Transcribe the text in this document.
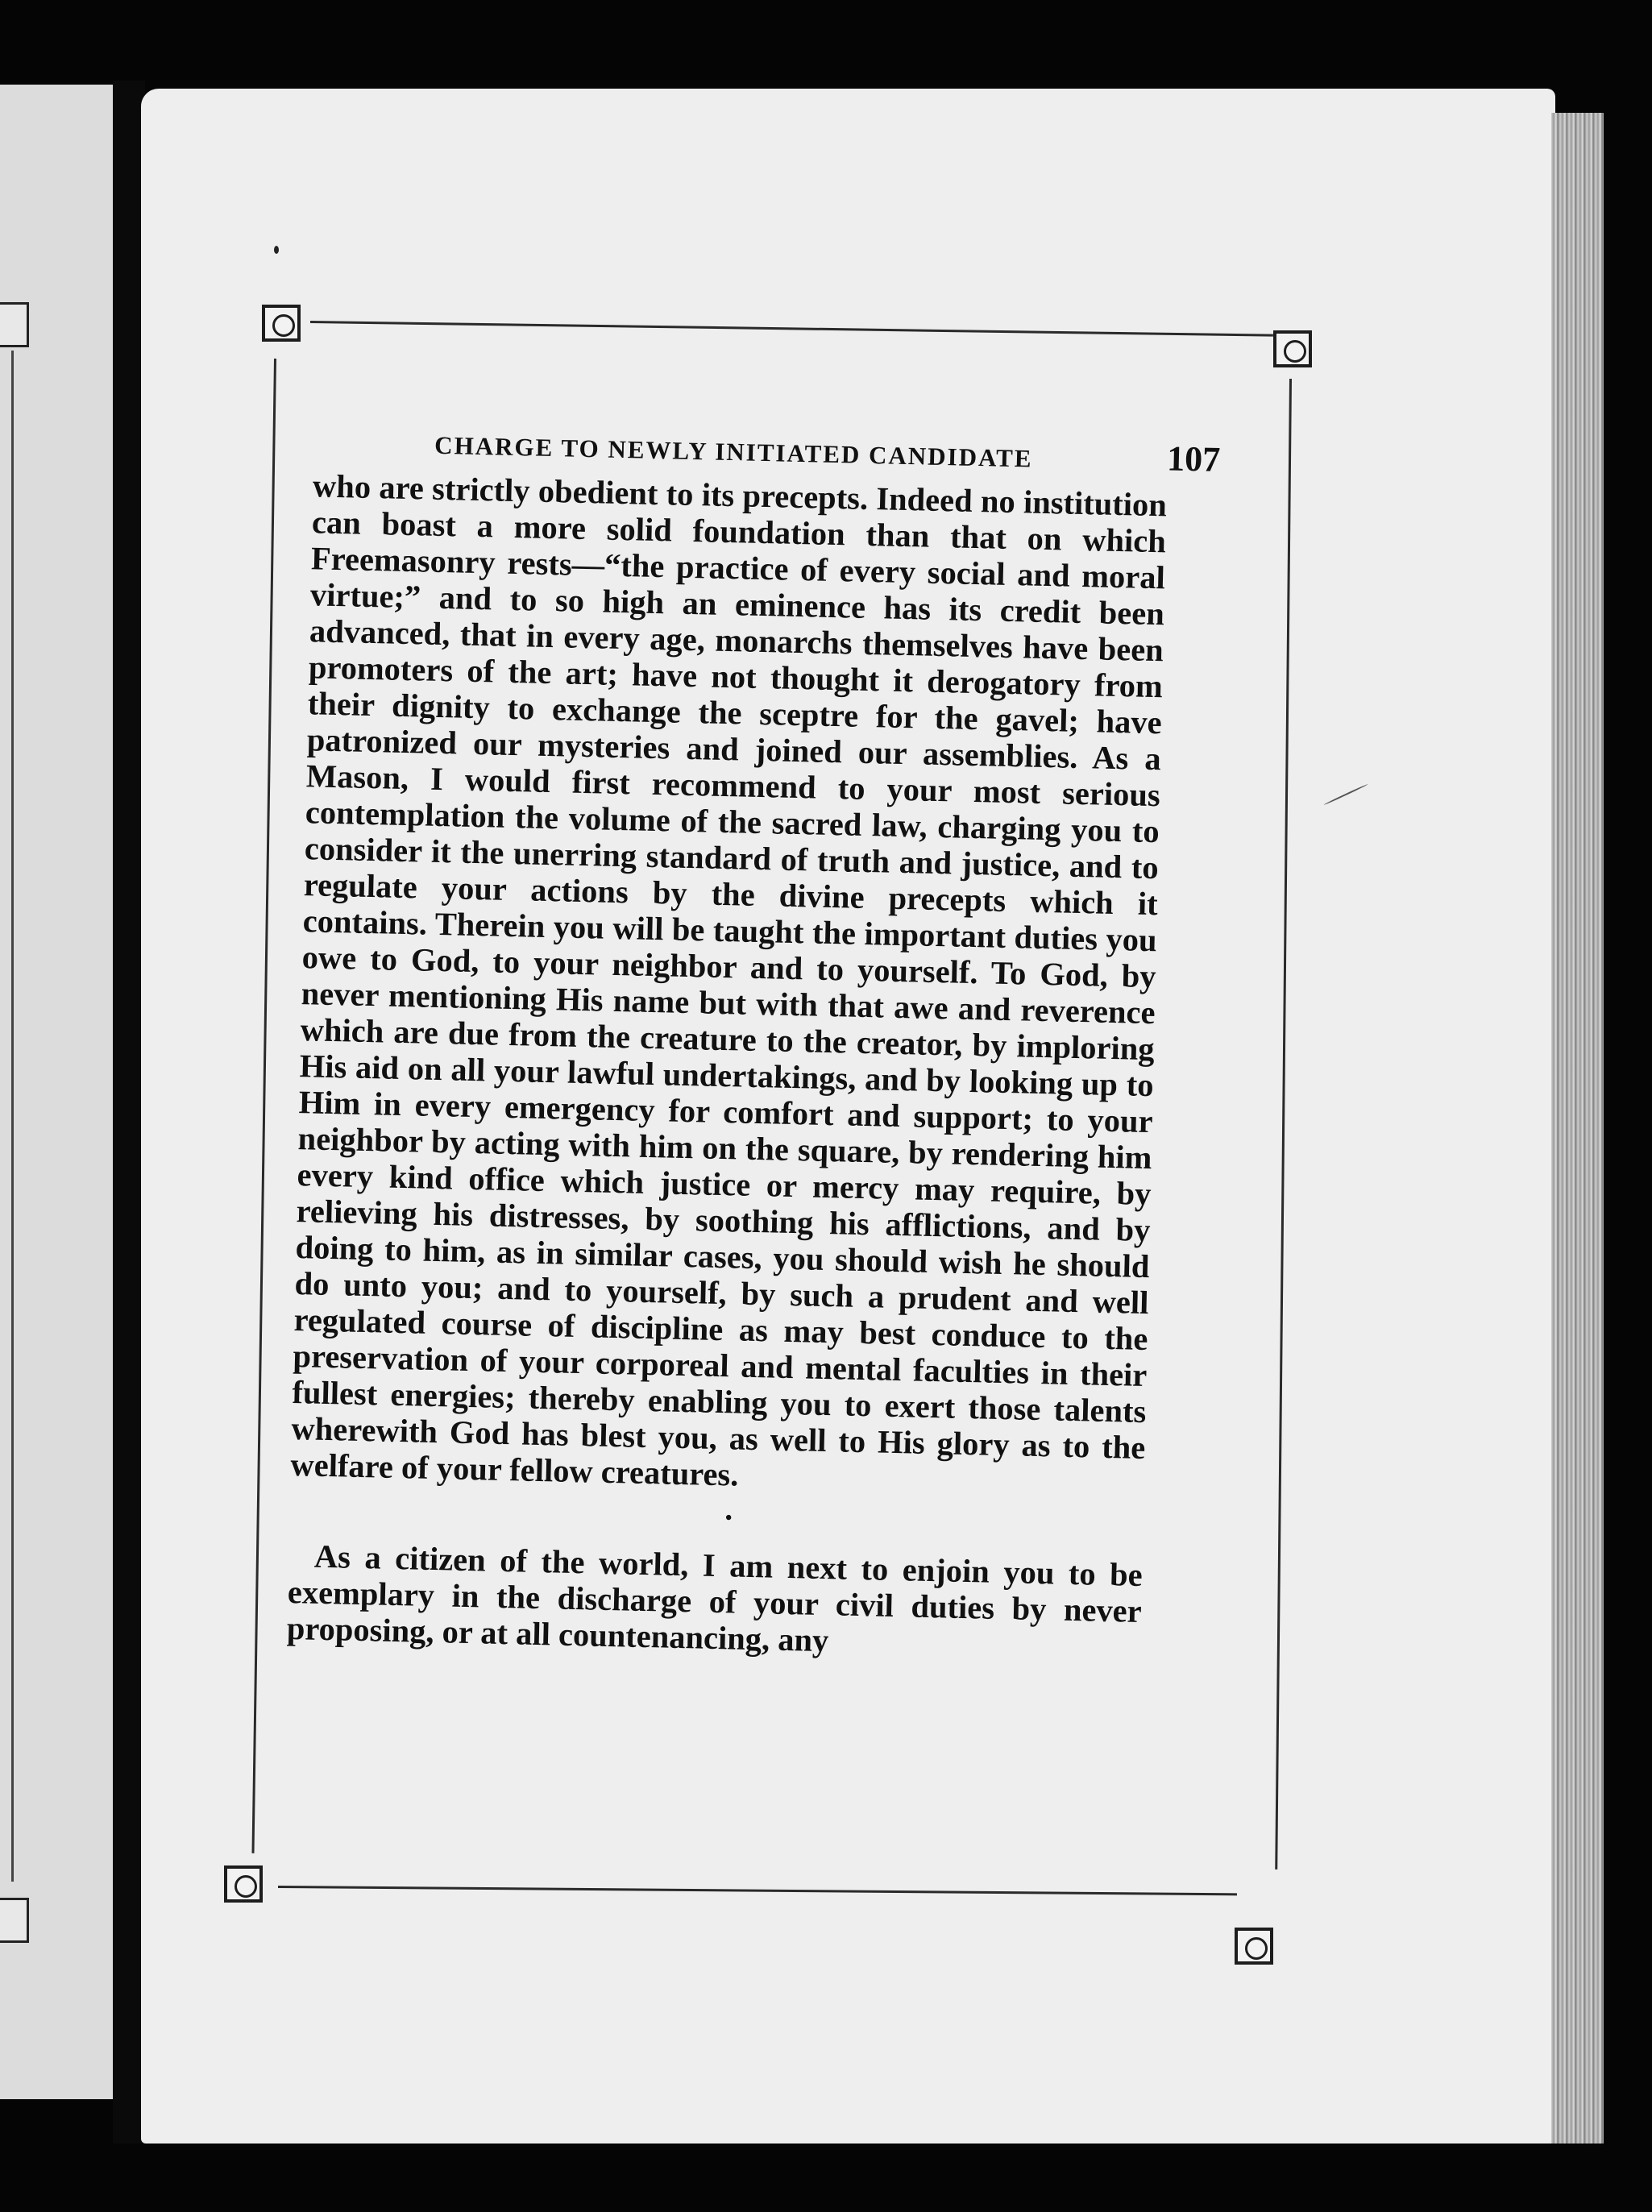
CHARGE TO NEWLY INITIATED CANDIDATE	107

who are strictly obedient to its precepts. Indeed no institution can boast a more solid foundation than that on which Freemasonry rests—“the practice of every social and moral virtue;” and to so high an eminence has its credit been advanced, that in every age, monarchs themselves have been promoters of the art; have not thought it derogatory from their dignity to exchange the sceptre for the gavel; have patronized our mysteries and joined our assemblies. As a Mason, I would first recommend to your most serious contemplation the volume of the sacred law, charging you to consider it the unerring standard of truth and justice, and to regulate your actions by the divine precepts which it contains. Therein you will be taught the important duties you owe to God, to your neighbor and to yourself. To God, by never mentioning His name but with that awe and reverence which are due from the creature to the creator, by imploring His aid on all your lawful undertakings, and by looking up to Him in every emergency for comfort and support; to your neighbor by acting with him on the square, by rendering him every kind office which justice or mercy may require, by relieving his distresses, by soothing his afflictions, and by doing to him, as in similar cases, you should wish he should do unto you; and to yourself, by such a prudent and well regulated course of discipline as may best conduce to the preservation of your corporeal and mental faculties in their fullest energies; thereby enabling you to exert those talents wherewith God has blest you, as well to His glory as to the welfare of your fellow creatures.

•

As a citizen of the world, I am next to enjoin you to be exemplary in the discharge of your civil duties by never proposing, or at all countenancing, any
